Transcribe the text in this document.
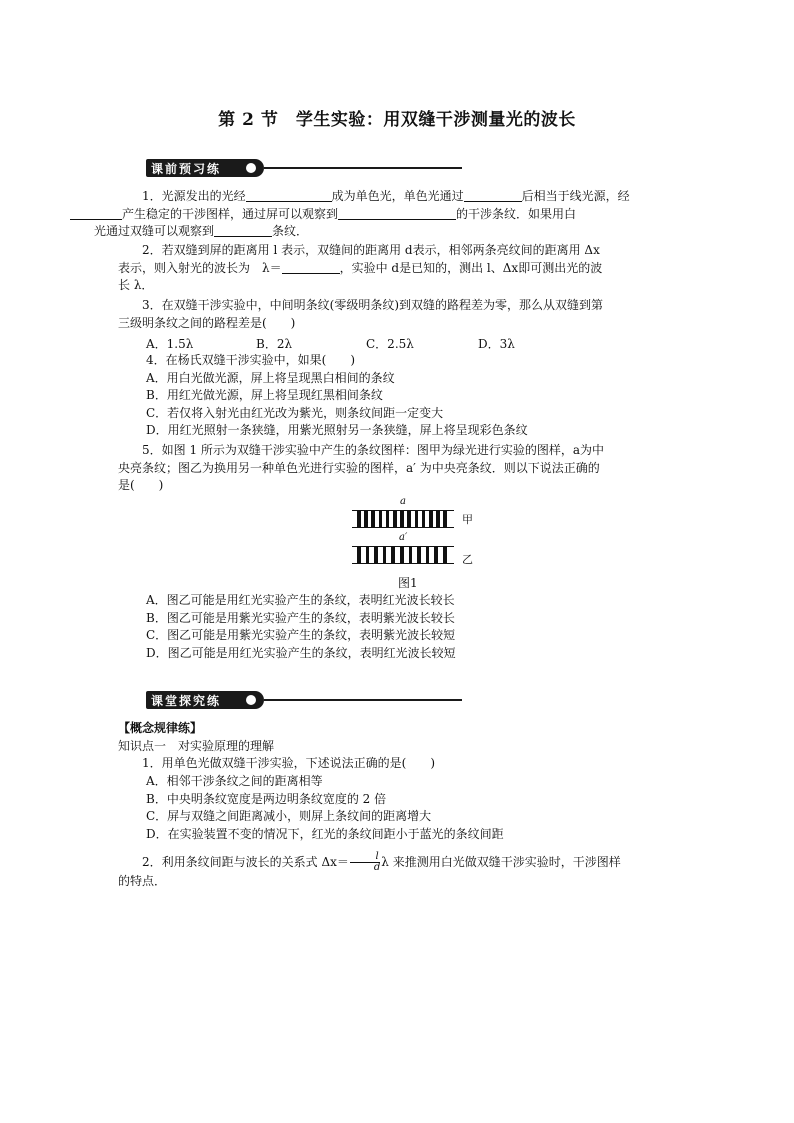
第 2 节　学生实验：用双缝干涉测量光的波长
课前预习练
1．光源发出的光经	成为单色光，单色光通过	后相当于线光源，经
产生稳定的干涉图样，通过屏可以观察到	的干涉条纹．如果用白
光通过双缝可以观察到	条纹．
2．若双缝到屏的距离用 l 表示，双缝间的距离用 d表示，相邻两条亮纹间的距离用 Δx
表示，则入射光的波长为　λ＝	，实验中 d是已知的，测出 l、Δx即可测出光的波
长 λ．
3．在双缝干涉实验中，中间明条纹(零级明条纹)到双缝的路程差为零，那么从双缝到第
三级明条纹之间的路程差是(　　)
A．1.5λ	B．2λ	C．2.5λ	D．3λ
4．在杨氏双缝干涉实验中，如果(　　)
A．用白光做光源，屏上将呈现黑白相间的条纹
B．用红光做光源，屏上将呈现红黑相间条纹
C．若仅将入射光由红光改为紫光，则条纹间距一定变大
D．用红光照射一条狭缝，用紫光照射另一条狭缝，屏上将呈现彩色条纹
5．如图 1 所示为双缝干涉实验中产生的条纹图样：图甲为绿光进行实验的图样，a为中
央亮条纹；图乙为换用另一种单色光进行实验的图样，a′ 为中央亮条纹．则以下说法正确的
是(　　)
a
甲
a′
乙
图1
A．图乙可能是用红光实验产生的条纹，表明红光波长较长
B．图乙可能是用紫光实验产生的条纹，表明紫光波长较长
C．图乙可能是用紫光实验产生的条纹，表明紫光波长较短
D．图乙可能是用红光实验产生的条纹，表明红光波长较短
课堂探究练
【概念规律练】
知识点一　对实验原理的理解
1．用单色光做双缝干涉实验，下述说法正确的是(　　)
A．相邻干涉条纹之间的距离相等
B．中央明条纹宽度是两边明条纹宽度的 2 倍
C．屏与双缝之间距离减小，则屏上条纹间的距离增大
D．在实验装置不变的情况下，红光的条纹间距小于蓝光的条纹间距
2．利用条纹间距与波长的关系式 $\Delta x= \frac{l}{d}$ λ 来推测用白光做双缝干涉实验时，干涉图样
的特点．
